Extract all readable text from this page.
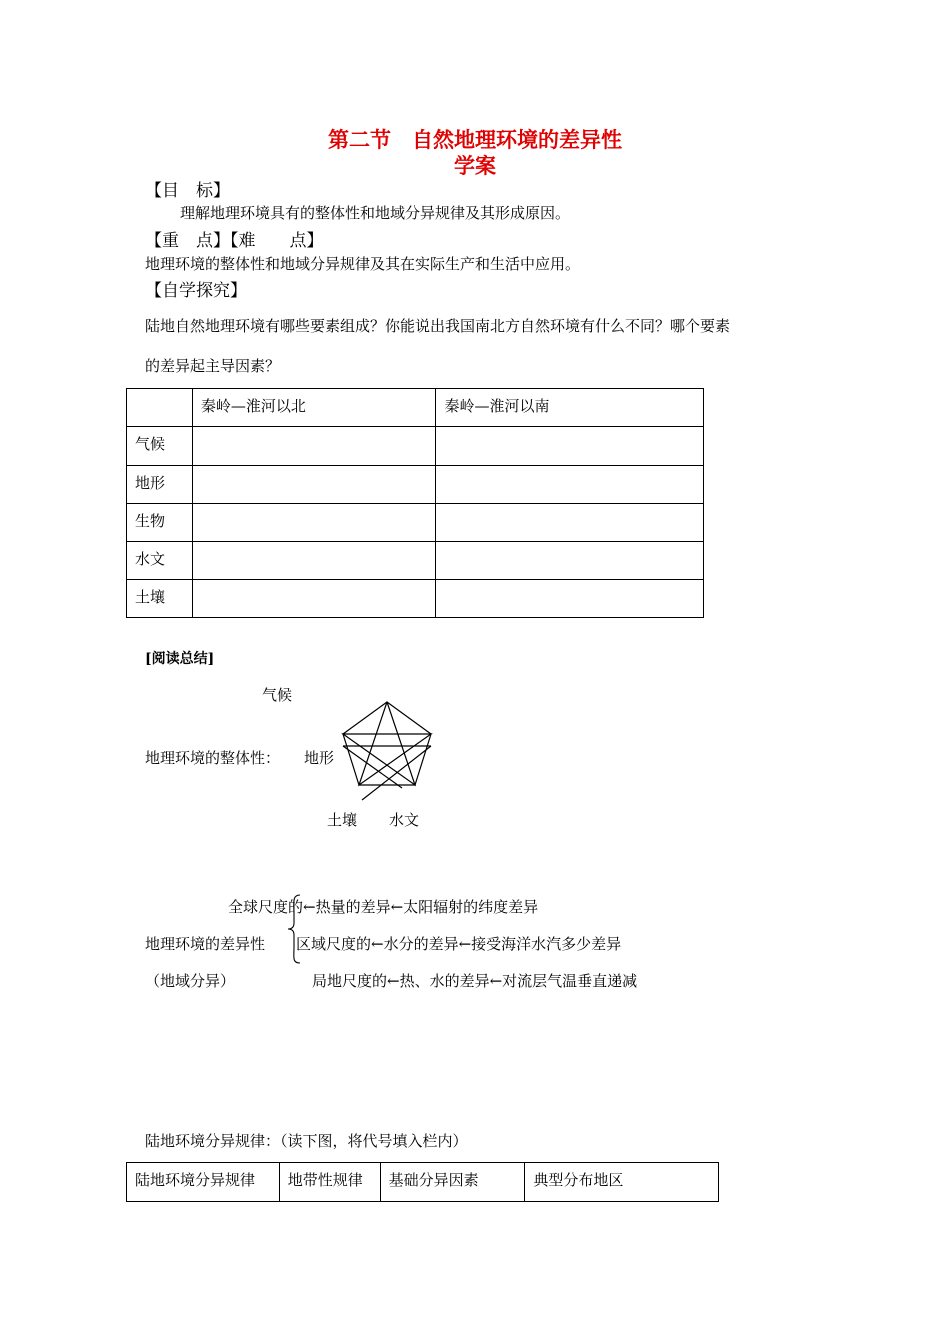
第二节　自然地理环境的差异性
学案
【目　标】
理解地理环境具有的整体性和地域分异规律及其形成原因。
【重　点】【难　　点】
地理环境的整体性和地域分异规律及其在实际生产和生活中应用。
【自学探究】
陆地自然地理环境有哪些要素组成？你能说出我国南北方自然环境有什么不同？哪个要素
的差异起主导因素？
	秦岭—淮河以北	秦岭—淮河以南
气候		
地形		
生物		
水文		
土壤		
[阅读总结]
气候
地理环境的整体性： 地形
土壤 水文
全球尺度的←热量的差异←太阳辐射的纬度差异
地理环境的差异性 区域尺度的←水分的差异←接受海洋水汽多少差异
（地域分异）	局地尺度的←热、水的差异←对流层气温垂直递减
陆地环境分异规律：（读下图，将代号填入栏内）
陆地环境分异规律	地带性规律	基础分异因素	典型分布地区
